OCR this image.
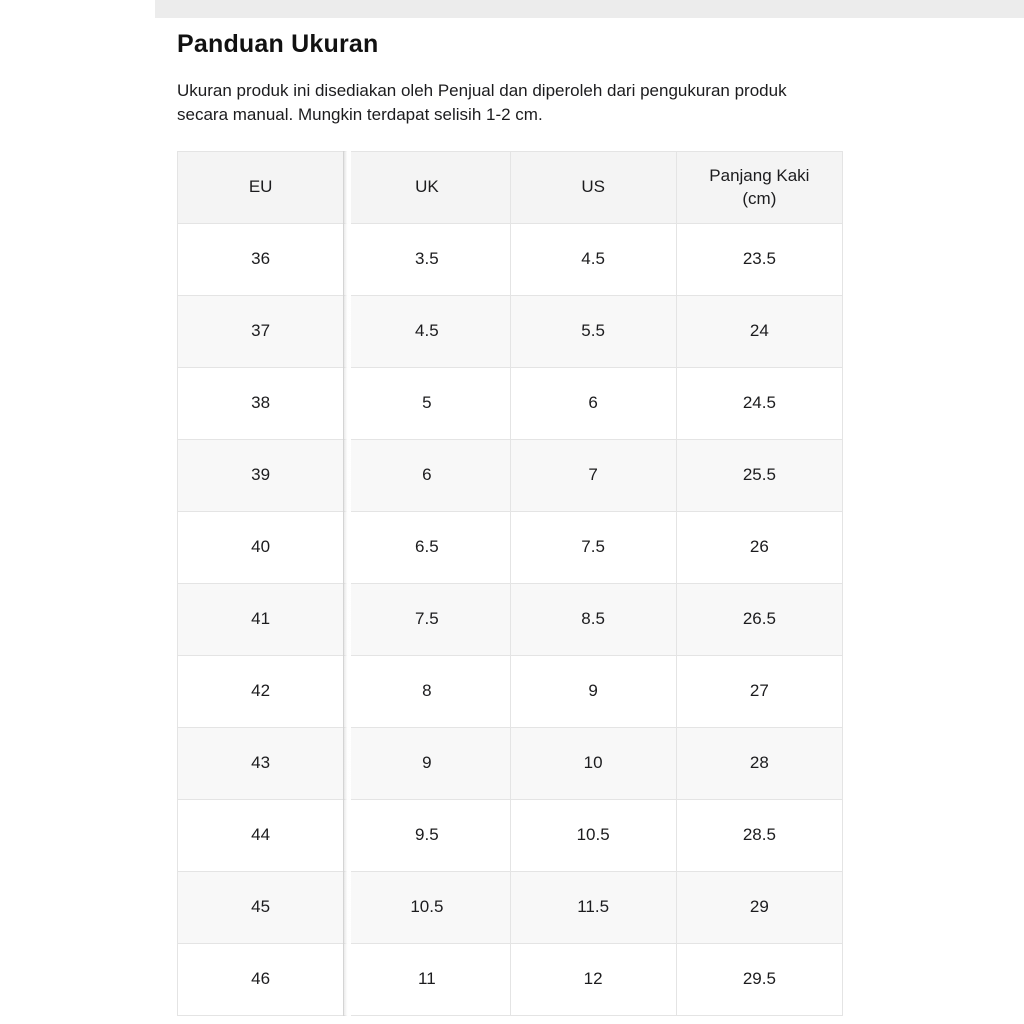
Panduan Ukuran

Ukuran produk ini disediakan oleh Penjual dan diperoleh dari pengukuran produk secara manual. Mungkin terdapat selisih 1-2 cm.

EU	UK	US	Panjang Kaki (cm)
36	3.5	4.5	23.5
37	4.5	5.5	24
38	5	6	24.5
39	6	7	25.5
40	6.5	7.5	26
41	7.5	8.5	26.5
42	8	9	27
43	9	10	28
44	9.5	10.5	28.5
45	10.5	11.5	29
46	11	12	29.5
